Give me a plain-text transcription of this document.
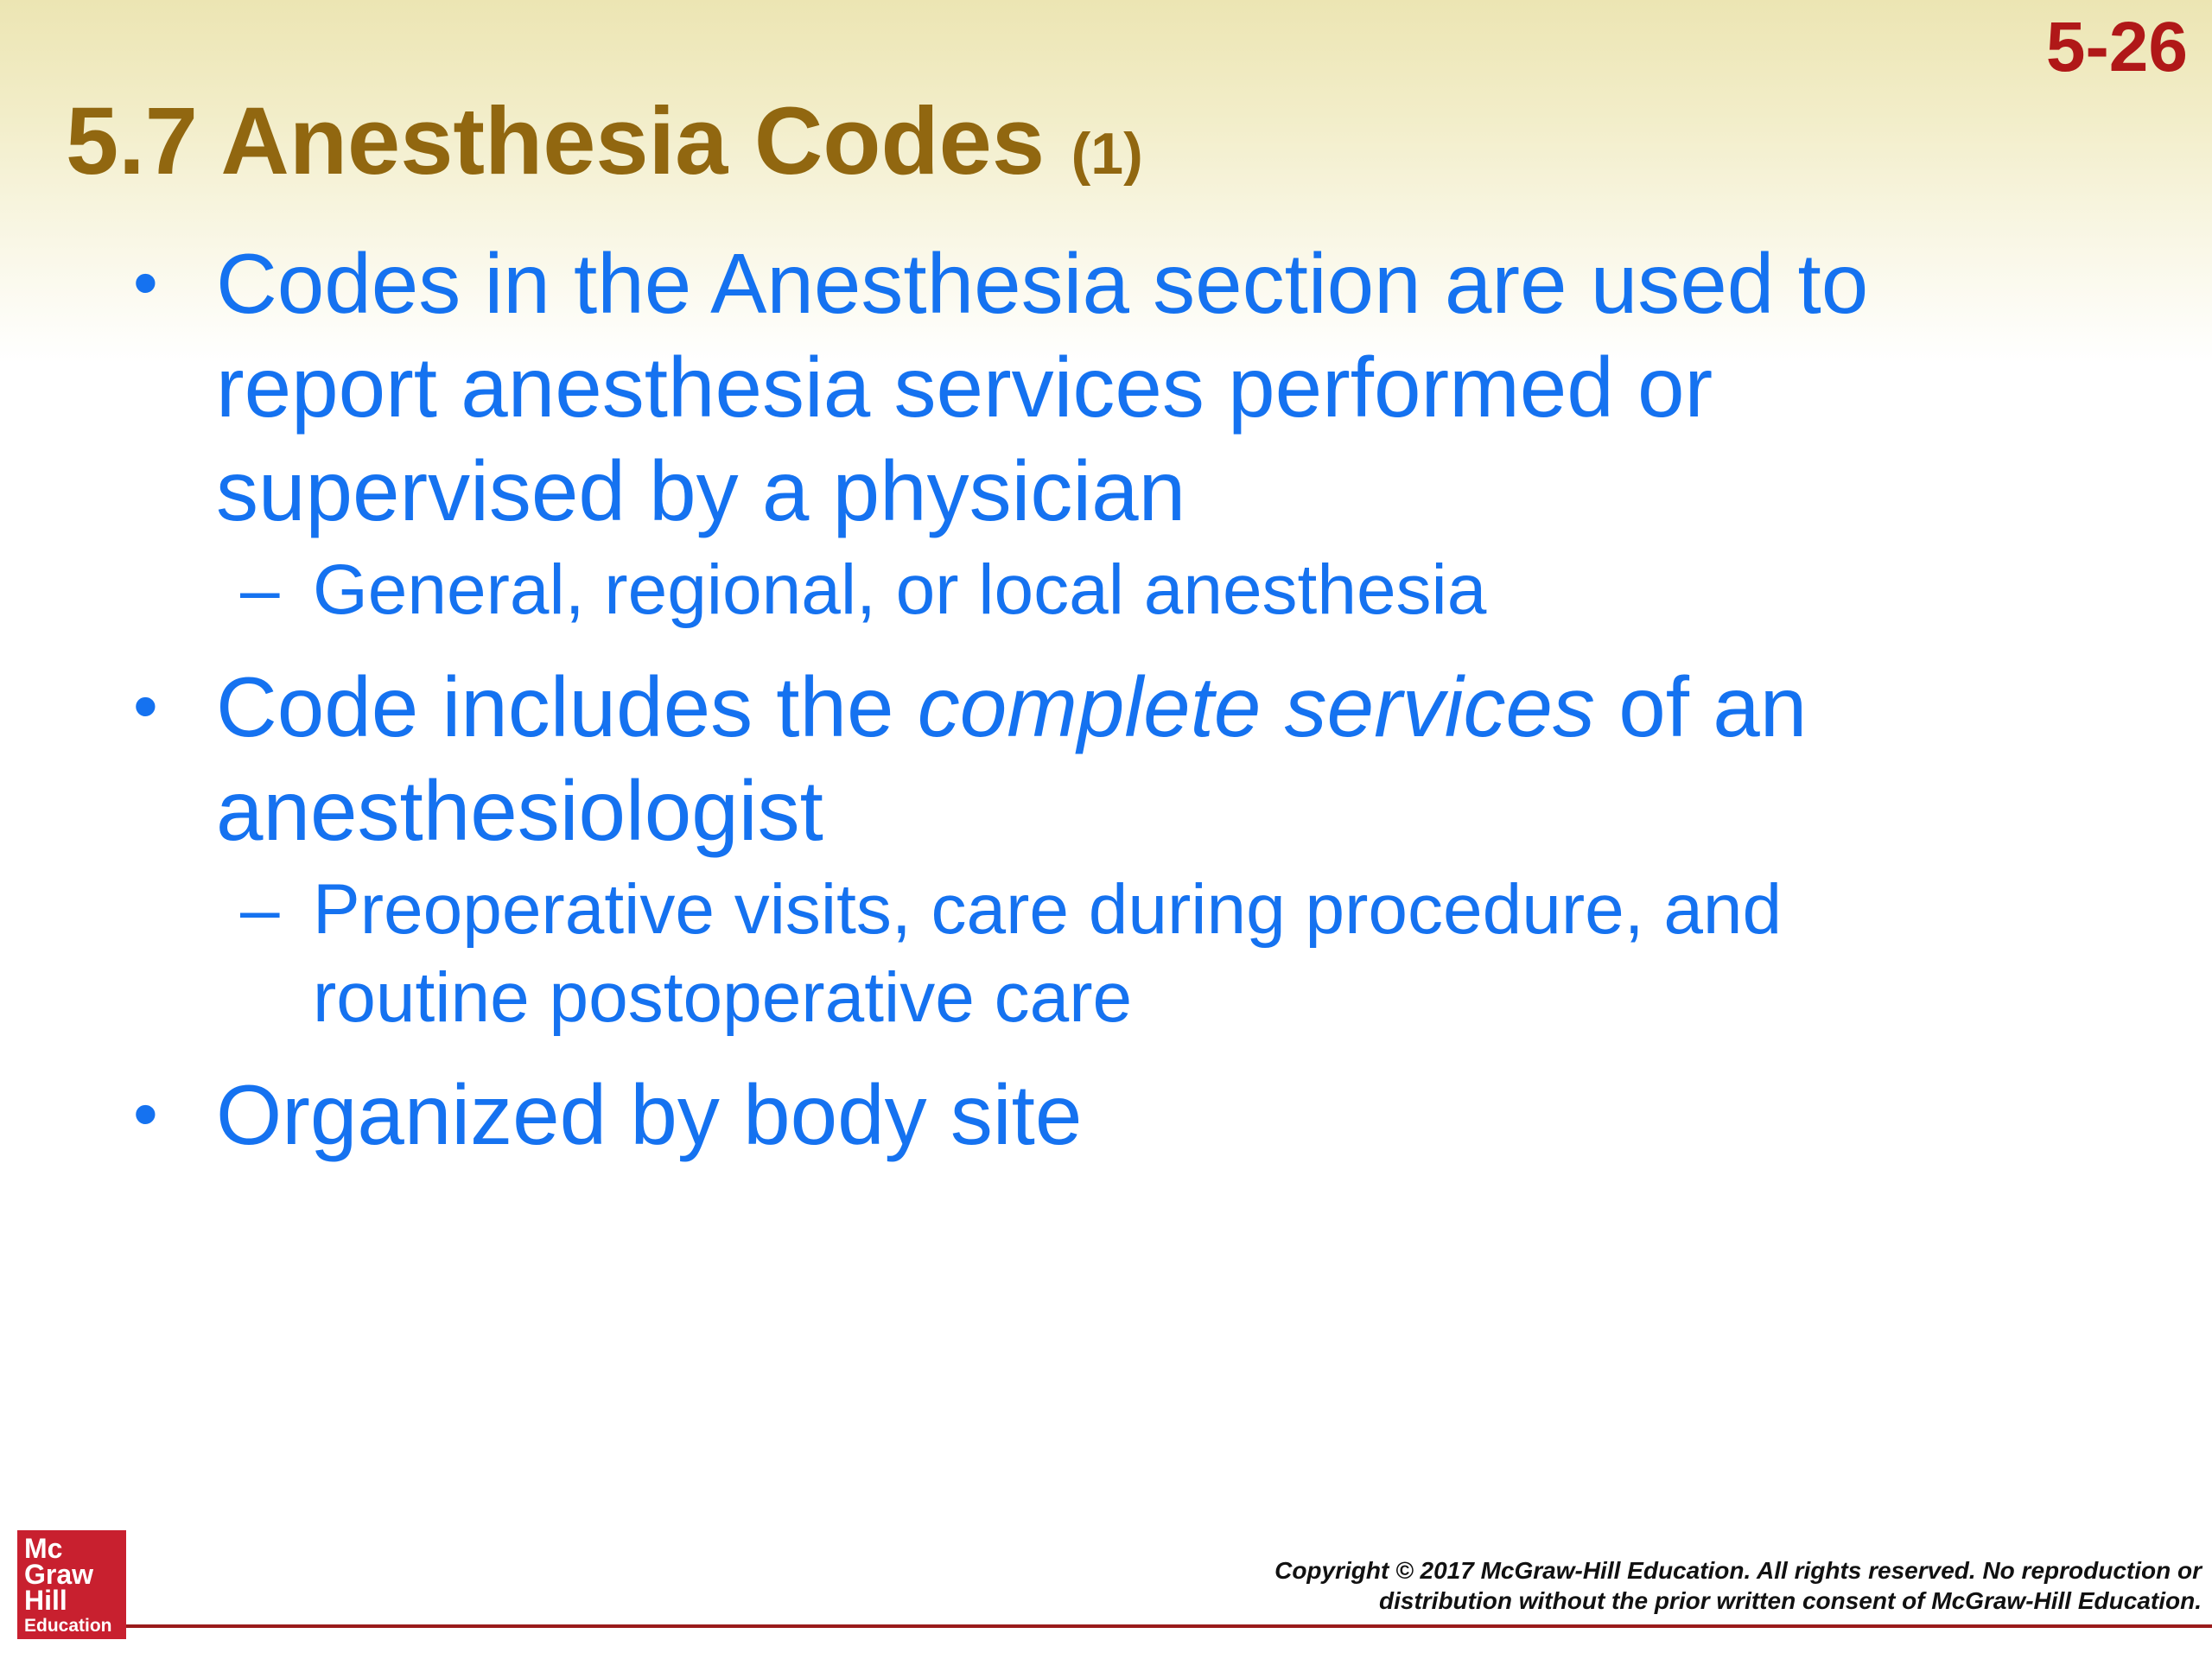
5-26
5.7 Anesthesia Codes (1)
• Codes in the Anesthesia section are used to report anesthesia services performed or supervised by a physician
– General, regional, or local anesthesia
• Code includes the complete services of an anesthesiologist
– Preoperative visits, care during procedure, and routine postoperative care
• Organized by body site
Mc
Graw
Hill
Education
Copyright © 2017 McGraw-Hill Education. All rights reserved. No reproduction or
distribution without the prior written consent of McGraw-Hill Education.
